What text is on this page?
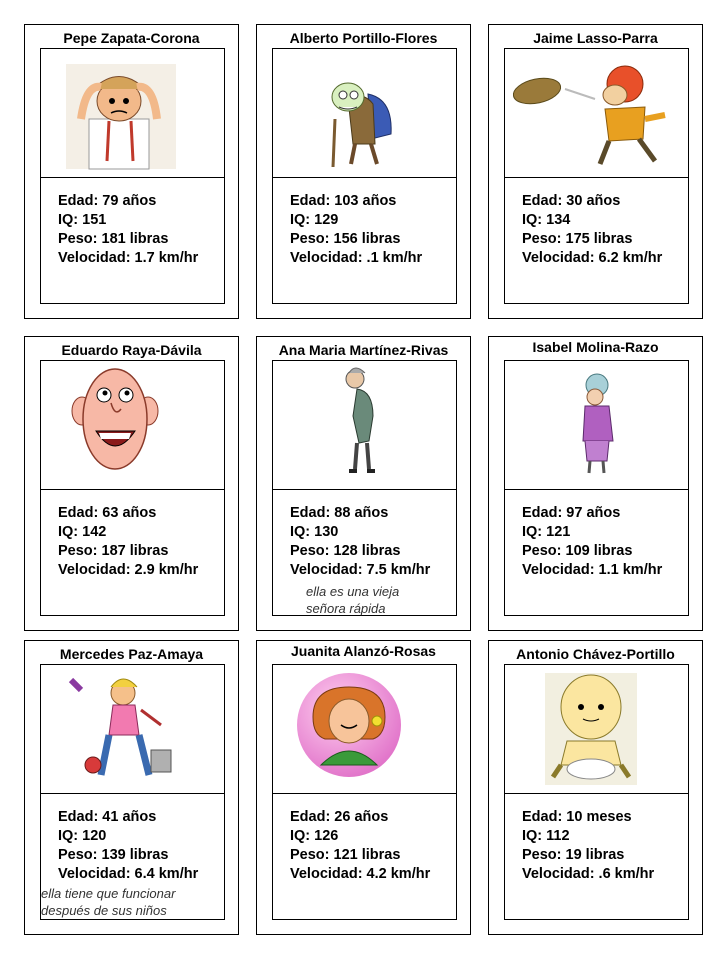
Pepe Zapata-Corona
Edad: 79 años
IQ: 151
Peso: 181 libras
Velocidad: 1.7 km/hr
Alberto Portillo-Flores
Edad: 103 años
IQ: 129
Peso: 156 libras
Velocidad: .1 km/hr
Jaime Lasso-Parra
Edad: 30 años
IQ: 134
Peso: 175 libras
Velocidad: 6.2 km/hr
Eduardo Raya-Dávila
Edad: 63 años
IQ: 142
Peso: 187 libras
Velocidad: 2.9 km/hr
Ana Maria Martínez-Rivas
Edad: 88 años
IQ: 130
Peso: 128 libras
Velocidad: 7.5 km/hr
ella es una vieja
señora rápida
Isabel Molina-Razo
Edad: 97 años
IQ: 121
Peso: 109 libras
Velocidad: 1.1 km/hr
Mercedes Paz-Amaya
Edad: 41 años
IQ: 120
Peso: 139 libras
Velocidad: 6.4 km/hr
ella tiene que funcionar
después de sus niños
Juanita Alanzó-Rosas
Edad: 26 años
IQ: 126
Peso: 121 libras
Velocidad: 4.2 km/hr
Antonio Chávez-Portillo
Edad: 10 meses
IQ: 112
Peso: 19 libras
Velocidad: .6 km/hr
